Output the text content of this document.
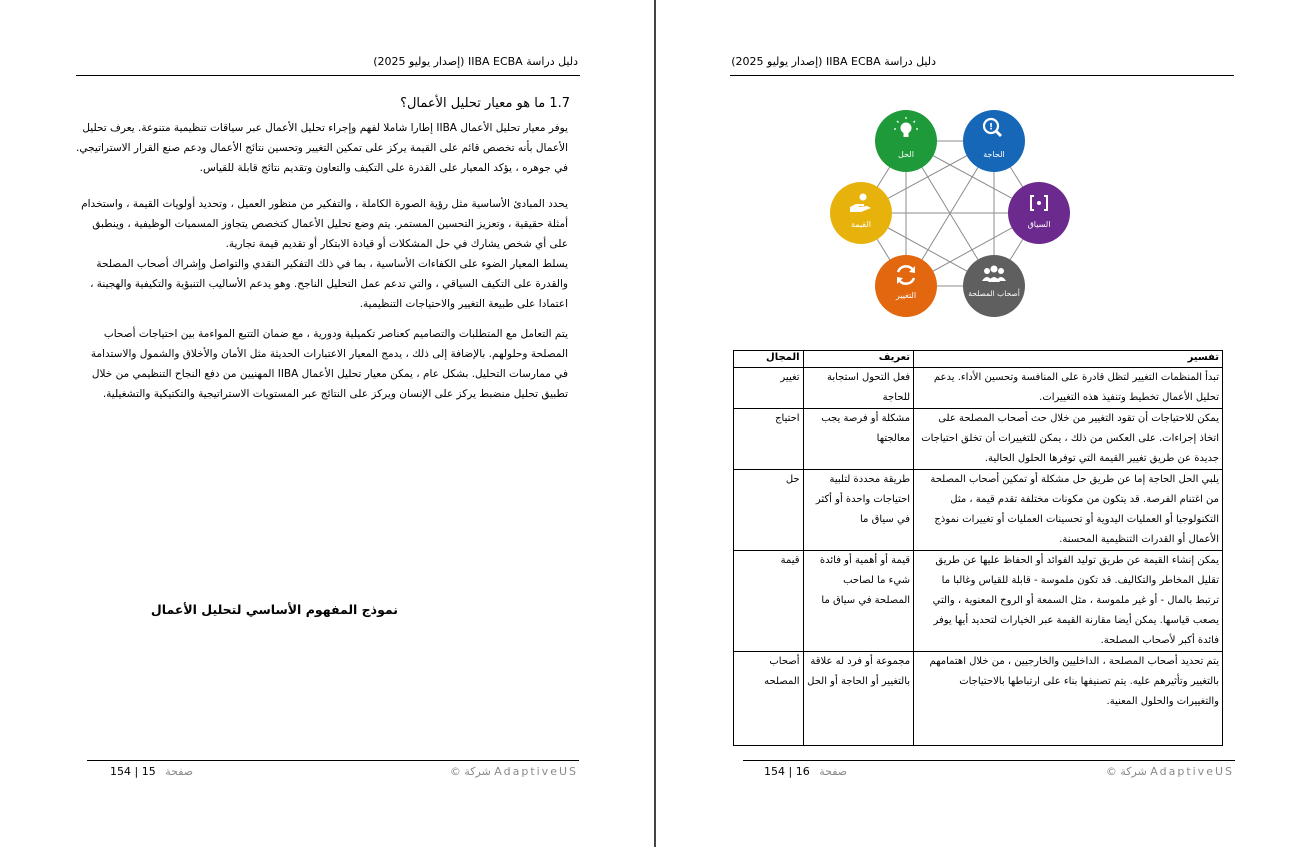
دليل دراسة IIBA ECBA (إصدار يوليو 2025)
1.7 ما هو معيار تحليل الأعمال؟

يوفر معيار تحليل الأعمال IIBA إطارا شاملا لفهم وإجراء تحليل الأعمال عبر سياقات تنظيمية متنوعة. يعرف تحليل الأعمال بأنه تخصص قائم على القيمة يركز على تمكين التغيير وتحسين نتائج الأعمال ودعم صنع القرار الاستراتيجي. في جوهره ، يؤكد المعيار على القدرة على التكيف والتعاون وتقديم نتائج قابلة للقياس.

يحدد المبادئ الأساسية مثل رؤية الصورة الكاملة ، والتفكير من منظور العميل ، وتحديد أولويات القيمة ، واستخدام أمثلة حقيقية ، وتعزيز التحسين المستمر. يتم وضع تحليل الأعمال كتخصص يتجاوز المسميات الوظيفية ، وينطبق على أي شخص يشارك في حل المشكلات أو قيادة الابتكار أو تقديم قيمة تجارية.

يسلط المعيار الضوء على الكفاءات الأساسية ، بما في ذلك التفكير النقدي والتواصل وإشراك أصحاب المصلحة والقدرة على التكيف السياقي ، والتي تدعم عمل التحليل الناجح. وهو يدعم الأساليب التنبؤية والتكيفية والهجينة ، اعتمادا على طبيعة التغيير والاحتياجات التنظيمية.

يتم التعامل مع المتطلبات والتصاميم كعناصر تكميلية ودورية ، مع ضمان التتبع المواءمة بين احتياجات أصحاب المصلحة وحلولهم. بالإضافة إلى ذلك ، يدمج المعيار الاعتبارات الحديثة مثل الأمان والأخلاق والشمول والاستدامة في ممارسات التحليل. بشكل عام ، يمكن معيار تحليل الأعمال IIBA المهنيين من دفع النجاح التنظيمي من خلال تطبيق تحليل منضبط يركز على الإنسان ويركز على النتائج عبر المستويات الاستراتيجية والتكتيكية والتشغيلية.

نموذج المفهوم الأساسي لتحليل الأعمال
154 | 15 صفحة	© شركة AdaptiveUS
دليل دراسة IIBA ECBA (إصدار يوليو 2025)
الحل
!
الحاجة
السياق
أصحاب المصلحة
التغيير
القيمة
تفسير	تعريف	المجال
تبدأ المنظمات التغيير لتظل قادرة على المنافسة وتحسين الأداء. يدعم تحليل الأعمال تخطيط وتنفيذ هذه التغييرات.	فعل التحول استجابة للحاجة	تغيير
يمكن للاحتياجات أن تقود التغيير من خلال حث أصحاب المصلحة على اتخاذ إجراءات. على العكس من ذلك ، يمكن للتغييرات أن تخلق احتياجات جديدة عن طريق تغيير القيمة التي توفرها الحلول الحالية.	مشكلة أو فرصة يجب معالجتها	احتياج
يلبي الحل الحاجة إما عن طريق حل مشكلة أو تمكين أصحاب المصلحة من اغتنام الفرصة. قد يتكون من مكونات مختلفة تقدم قيمة ، مثل التكنولوجيا أو العمليات اليدوية أو تحسينات العمليات أو تغييرات نموذج الأعمال أو القدرات التنظيمية المحسنة.	طريقة محددة لتلبية احتياجات واحدة أو أكثر في سياق ما	حل
يمكن إنشاء القيمة عن طريق توليد الفوائد أو الحفاظ عليها عن طريق تقليل المخاطر والتكاليف. قد تكون ملموسة - قابلة للقياس وغالبا ما ترتبط بالمال - أو غير ملموسة ، مثل السمعة أو الروح المعنوية ، والتي يصعب قياسها. يمكن أيضا مقارنة القيمة عبر الخيارات لتحديد أيها يوفر فائدة أكبر لأصحاب المصلحة.	قيمة أو أهمية أو فائدة شيء ما لصاحب المصلحة في سياق ما	قيمة
يتم تحديد أصحاب المصلحة ، الداخليين والخارجيين ، من خلال اهتمامهم بالتغيير وتأثيرهم عليه. يتم تصنيفها بناء على ارتباطها بالاحتياجات والتغييرات والحلول المعنية.	مجموعة أو فرد له علاقة بالتغيير أو الحاجة أو الحل	أصحاب المصلحه
154 | 16 صفحة	© شركة AdaptiveUS
